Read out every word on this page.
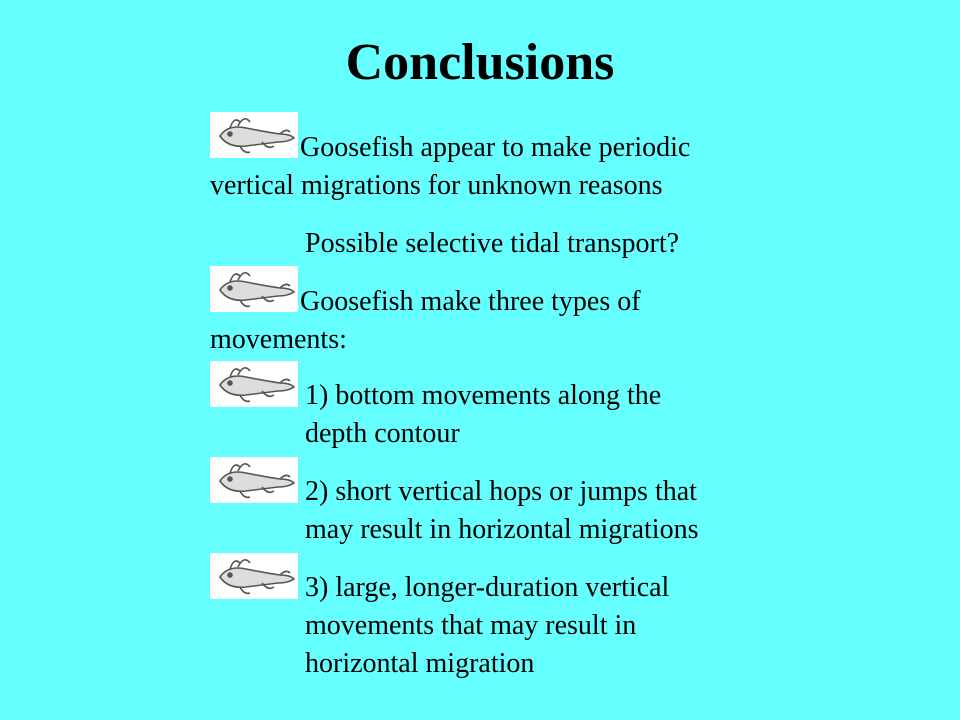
Conclusions
Goosefish appear to make periodic
vertical migrations for unknown reasons
Possible selective tidal transport?
Goosefish make three types of
movements:
1) bottom movements along the
depth contour
2) short vertical hops or jumps that
may result in horizontal migrations
3) large, longer-duration vertical
movements that may result in
horizontal migration
